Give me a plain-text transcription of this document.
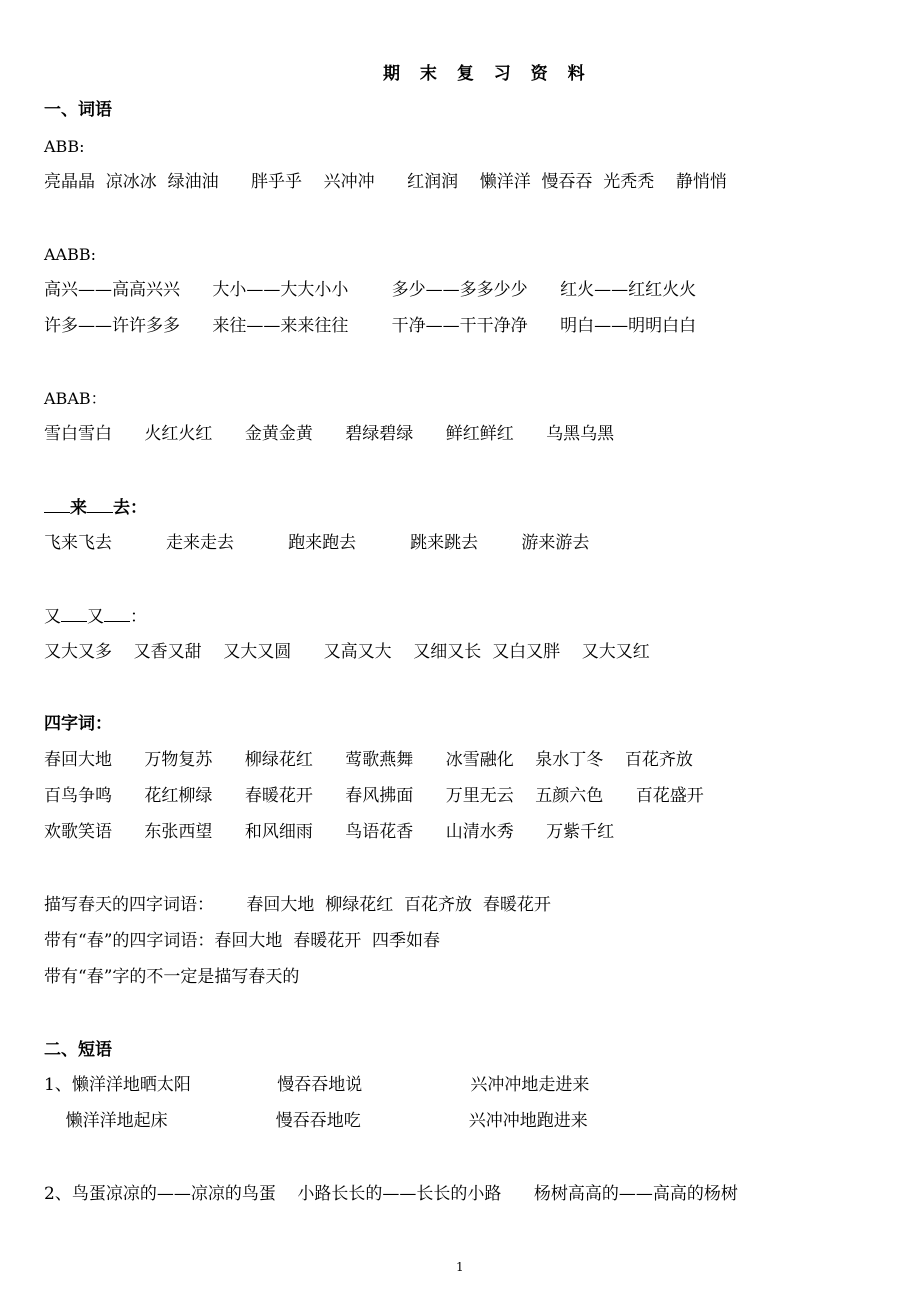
期 末 复 习 资 料
一、词语
ABB:
亮晶晶  凉冰冰  绿油油      胖乎乎    兴冲冲      红润润    懒洋洋  慢吞吞  光秃秃    静悄悄
AABB:
高兴——高高兴兴      大小——大大小小        多少——多多少少      红火——红红火火
许多——许许多多      来往——来来往往        干净——干干净净      明白——明明白白
ABAB：
雪白雪白      火红火红      金黄金黄      碧绿碧绿      鲜红鲜红      乌黑乌黑
来 去：
飞来飞去          走来走去          跑来跑去          跳来跳去        游来游去
又 又 ：
又大又多    又香又甜    又大又圆      又高又大    又细又长  又白又胖    又大又红
四字词：
春回大地      万物复苏      柳绿花红      莺歌燕舞      冰雪融化    泉水丁冬    百花齐放
百鸟争鸣      花红柳绿      春暖花开      春风拂面      万里无云    五颜六色      百花盛开
欢歌笑语      东张西望      和风细雨      鸟语花香      山清水秀      万紫千红
描写春天的四字词语：      春回大地  柳绿花红  百花齐放  春暖花开
带有“春”的四字词语：春回大地  春暖花开  四季如春
带有“春”字的不一定是描写春天的
二、短语
1、懒洋洋地晒太阳                慢吞吞地说                    兴冲冲地走进来
懒洋洋地起床                    慢吞吞地吃                    兴冲冲地跑进来
2、鸟蛋凉凉的——凉凉的鸟蛋    小路长长的——长长的小路      杨树高高的——高高的杨树
1
